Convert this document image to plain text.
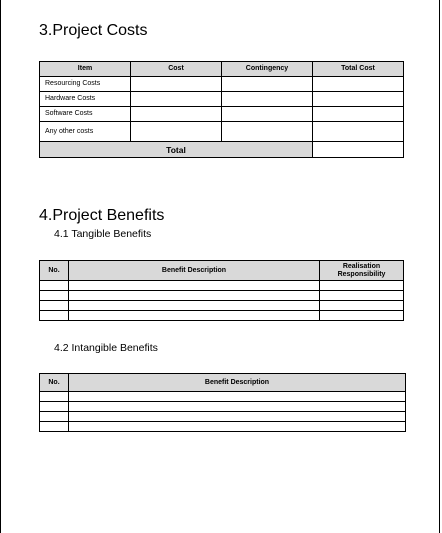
3.Project Costs
Item	Cost	Contingency	Total Cost
Resourcing Costs			
Hardware Costs			
Software Costs			
Any other costs			
Total			
4.Project Benefits
4.1 Tangible Benefits
No.	Benefit Description	Realisation Responsibility

4.2 Intangible Benefits
No.	Benefit Description
